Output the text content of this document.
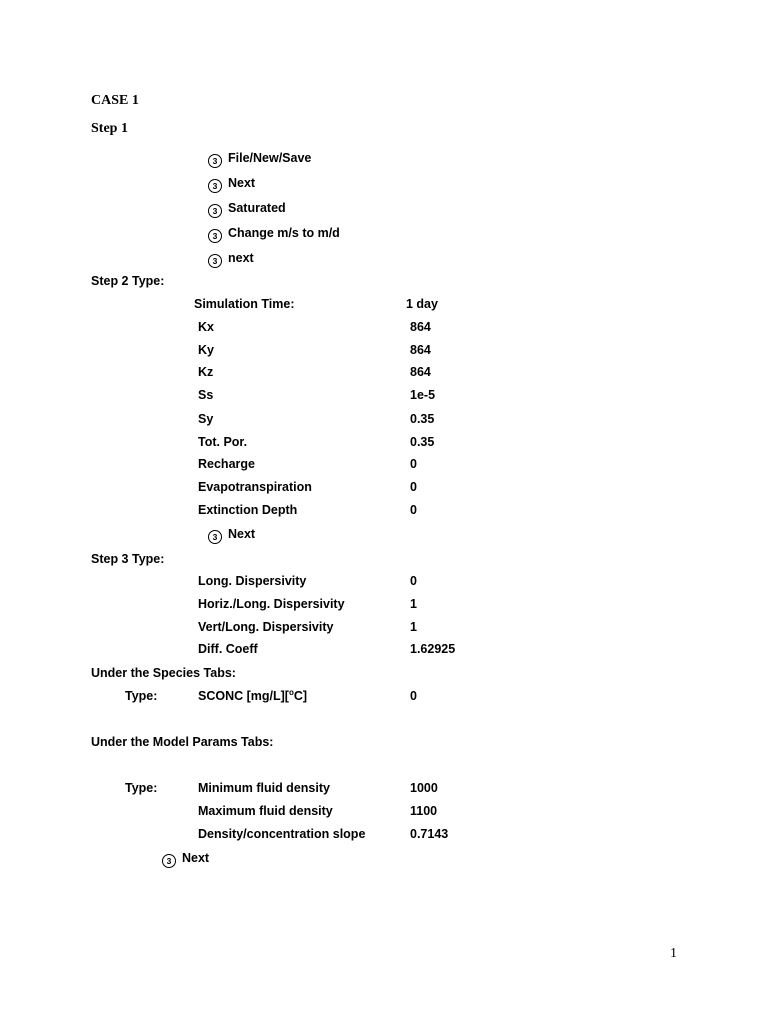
CASE 1
Step 1
3 File/New/Save
3 Next
3 Saturated
3 Change m/s to m/d
3 next
Step 2 Type:
Simulation Time:	1 day
Kx	864
Ky	864
Kz	864
Ss	1e-5
Sy	0.35
Tot. Por.	0.35
Recharge	0
Evapotranspiration	0
Extinction Depth	0
3 Next
Step 3 Type:
Long. Dispersivity	0
Horiz./Long. Dispersivity	1
Vert/Long. Dispersivity	1
Diff. Coeff	1.62925
Under the Species Tabs:
Type:	SCONC [mg/L][$^o$C]	0
Under the Model Params Tabs:
Type:	Minimum fluid density	1000
Maximum fluid density	1100
Density/concentration slope	0.7143
3 Next
1
